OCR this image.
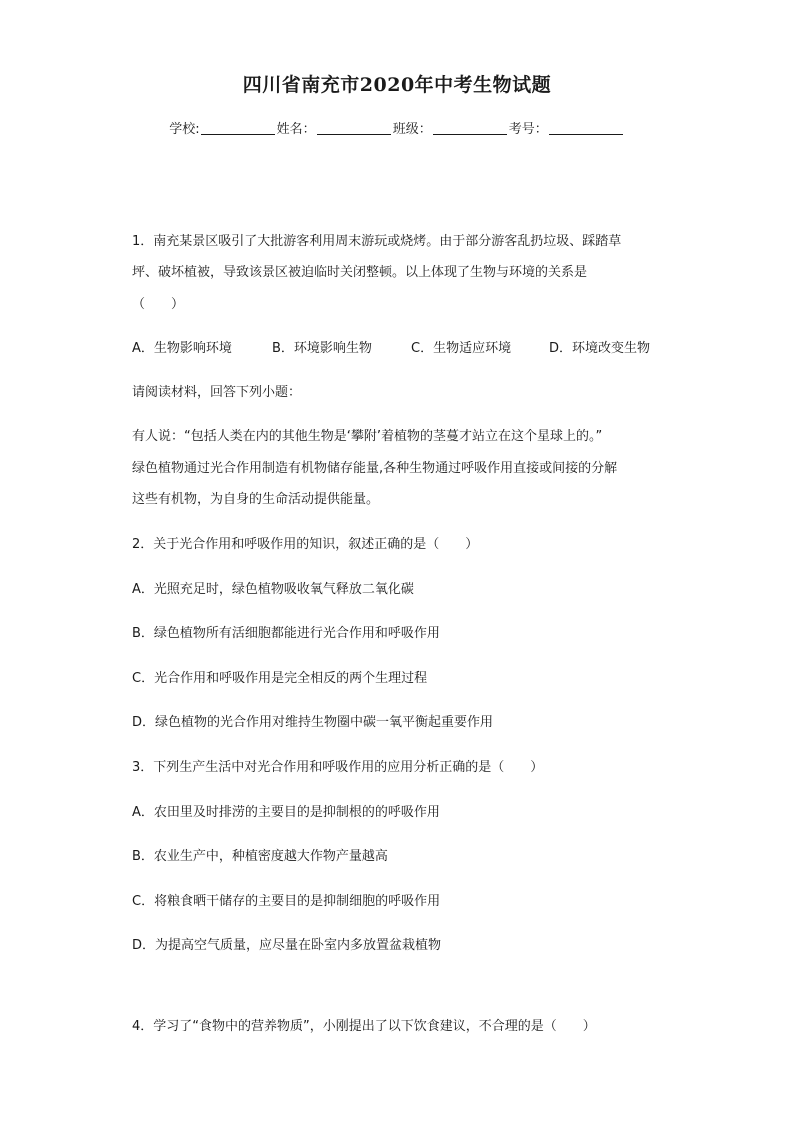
四川省南充市2020年中考生物试题
学校:	姓名：	班级：	考号：
1．南充某景区吸引了大批游客利用周末游玩或烧烤。由于部分游客乱扔垃圾、踩踏草
坪、破坏植被，导致该景区被迫临时关闭整顿。以上体现了生物与环境的关系是
（　　）
A．生物影响环境	B．环境影响生物	C．生物适应环境	D．环境改变生物
请阅读材料，回答下列小题：
有人说：“包括人类在内的其他生物是‘攀附’着植物的茎蔓才站立在这个星球上的。”
绿色植物通过光合作用制造有机物储存能量,各种生物通过呼吸作用直接或间接的分解
这些有机物，为自身的生命活动提供能量。
2．关于光合作用和呼吸作用的知识，叙述正确的是（　　）
A．光照充足时，绿色植物吸收氧气释放二氧化碳
B．绿色植物所有活细胞都能进行光合作用和呼吸作用
C．光合作用和呼吸作用是完全相反的两个生理过程
D．绿色植物的光合作用对维持生物圈中碳一氧平衡起重要作用
3．下列生产生活中对光合作用和呼吸作用的应用分析正确的是（　　）
A．农田里及时排涝的主要目的是抑制根的的呼吸作用
B．农业生产中，种植密度越大作物产量越高
C．将粮食晒干储存的主要目的是抑制细胞的呼吸作用
D．为提高空气质量，应尽量在卧室内多放置盆栽植物
4．学习了“食物中的营养物质”，小刚提出了以下饮食建议，不合理的是（　　）
